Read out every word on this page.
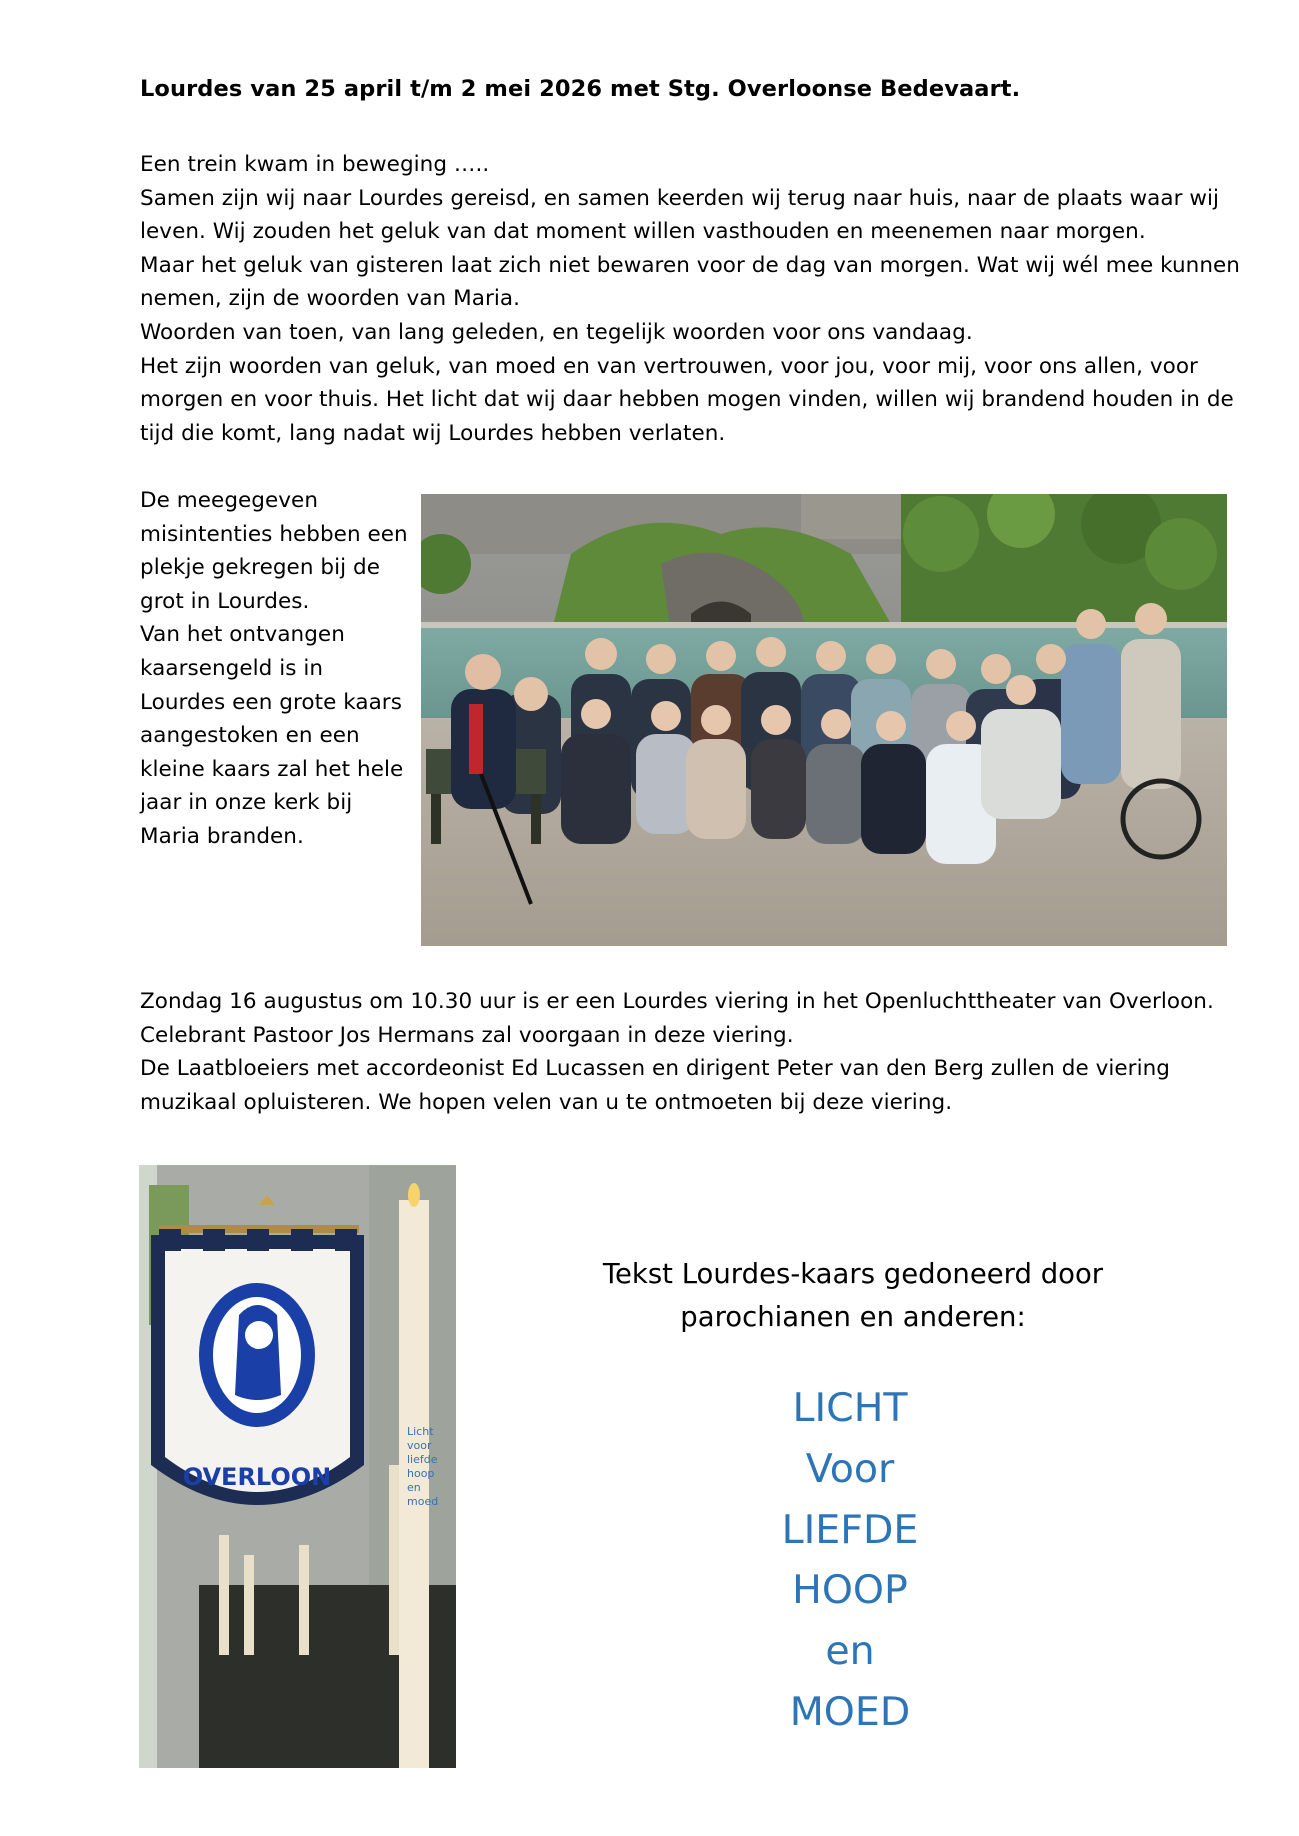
Lourdes van 25 april t/m 2 mei 2026 met Stg. Overloonse Bedevaart.
Een trein kwam in beweging …..
Samen zijn wij naar Lourdes gereisd, en samen keerden wij terug naar huis, naar de plaats waar wij
leven. Wij zouden het geluk van dat moment willen vasthouden en meenemen naar morgen.
Maar het geluk van gisteren laat zich niet bewaren voor de dag van morgen. Wat wij wél mee kunnen
nemen, zijn de woorden van Maria.
Woorden van toen, van lang geleden, en tegelijk woorden voor ons vandaag.
Het zijn woorden van geluk, van moed en van vertrouwen, voor jou, voor mij, voor ons allen, voor
morgen en voor thuis. Het licht dat wij daar hebben mogen vinden, willen wij brandend houden in de
tijd die komt, lang nadat wij Lourdes hebben verlaten.
De meegegeven
misintenties hebben een
plekje gekregen bij de
grot in Lourdes.
Van het ontvangen
kaarsengeld is in
Lourdes een grote kaars
aangestoken en een
kleine kaars zal het hele
jaar in onze kerk bij
Maria branden.
Zondag 16 augustus om 10.30 uur is er een Lourdes viering in het Openluchttheater van Overloon.
Celebrant Pastoor Jos Hermans zal voorgaan in deze viering.
De Laatbloeiers met accordeonist Ed Lucassen en dirigent Peter van den Berg zullen de viering
muzikaal opluisteren. We hopen velen van u te ontmoeten bij deze viering.
Licht voor liefde hoop en moed
OVERLOON
Tekst Lourdes-kaars gedoneerd door
parochianen en anderen:
LICHT
Voor
LIEFDE
HOOP
en
MOED
